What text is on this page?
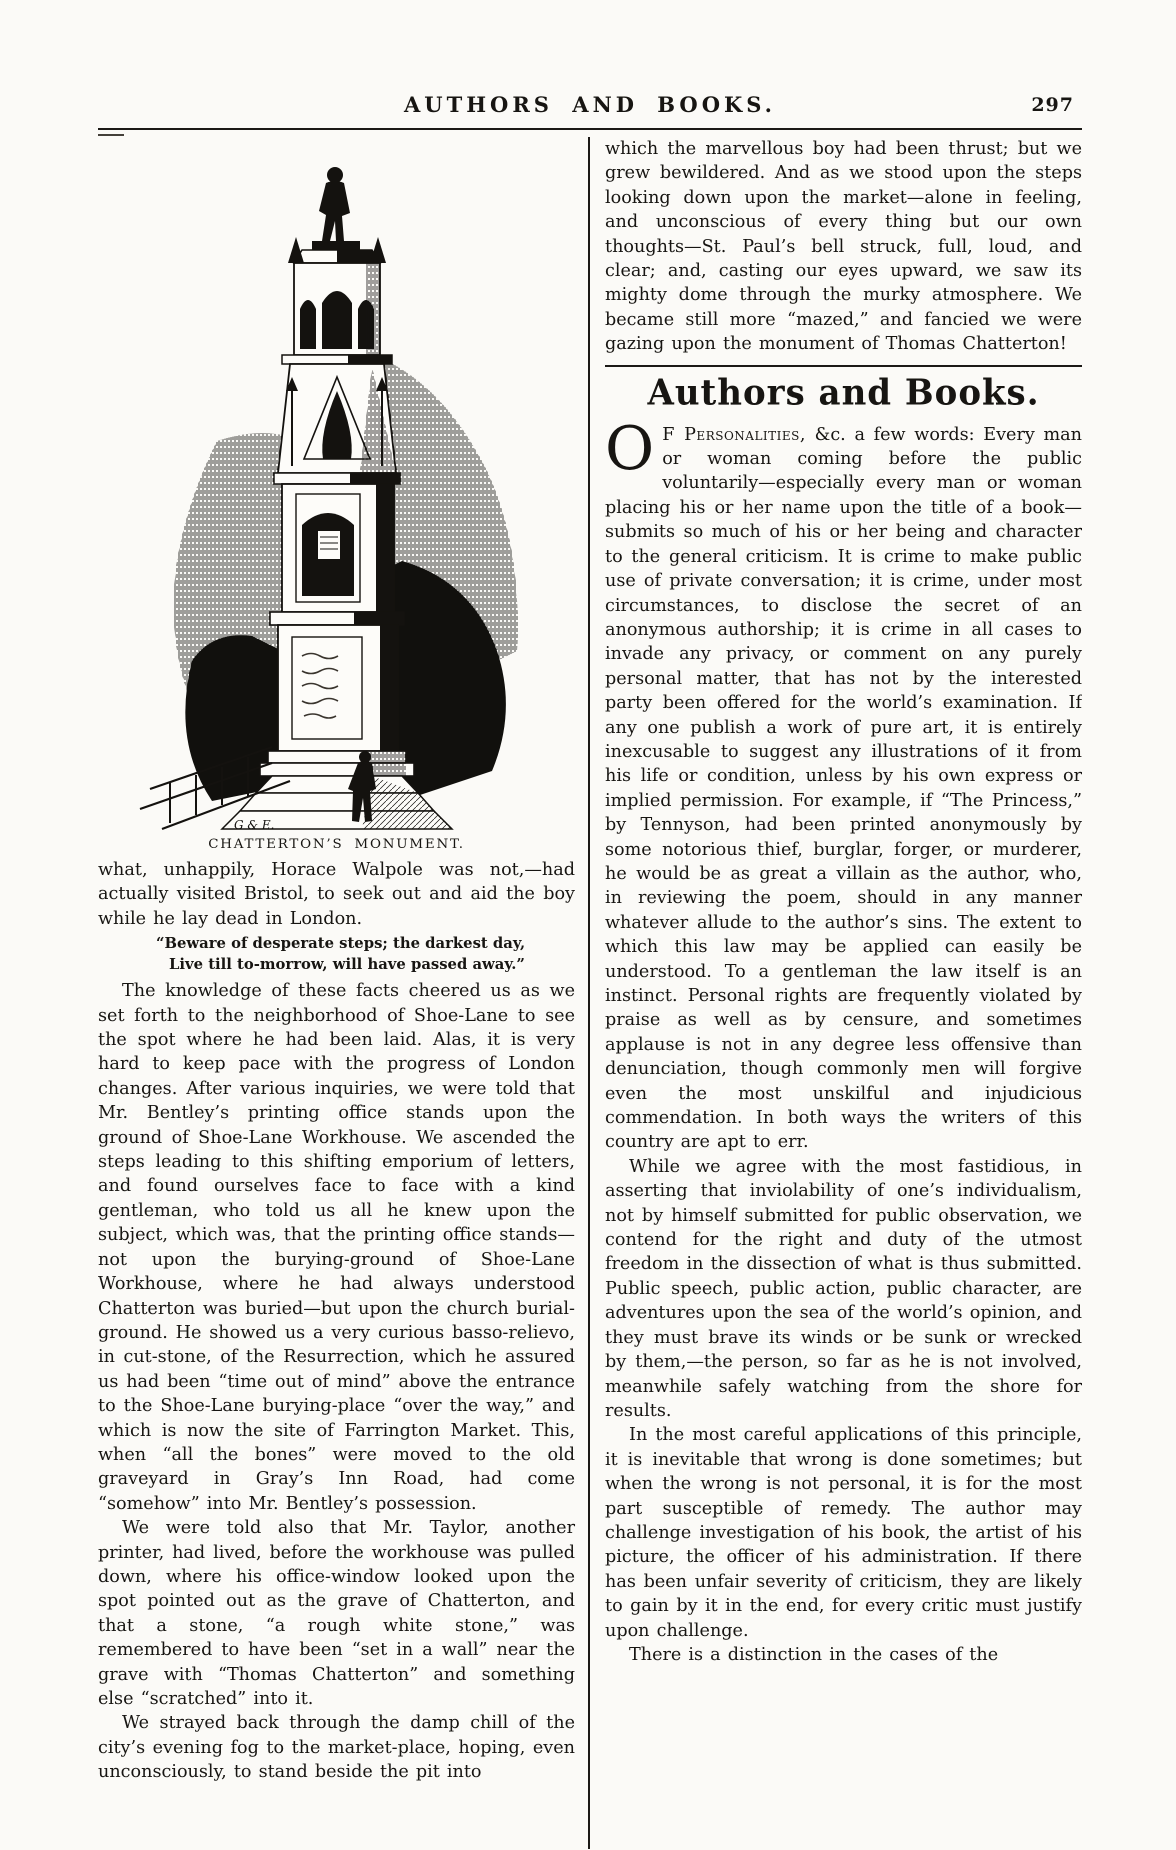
AUTHORS AND BOOKS.	297
G & E.
CHATTERTON’S MONUMENT.

what, unhappily, Horace Walpole was not,—had actually visited Bristol, to seek out and aid the boy while he lay dead in London.

“Beware of desperate steps; the darkest day,
Live till to-morrow, will have passed away.”

The knowledge of these facts cheered us as we set forth to the neighborhood of Shoe-Lane to see the spot where he had been laid. Alas, it is very hard to keep pace with the progress of London changes. After various inquiries, we were told that Mr. Bentley’s printing office stands upon the ground of Shoe-Lane Workhouse. We ascended the steps leading to this shifting emporium of letters, and found ourselves face to face with a kind gentleman, who told us all he knew upon the subject, which was, that the printing office stands—not upon the burying-ground of Shoe-Lane Workhouse, where he had always understood Chatterton was buried—but upon the church burial-ground. He showed us a very curious basso-relievo, in cut-stone, of the Resurrection, which he assured us had been “time out of mind” above the entrance to the Shoe-Lane burying-place “over the way,” and which is now the site of Farrington Market. This, when “all the bones” were moved to the old graveyard in Gray’s Inn Road, had come “somehow” into Mr. Bentley’s possession.

We were told also that Mr. Taylor, another printer, had lived, before the workhouse was pulled down, where his office-window looked upon the spot pointed out as the grave of Chatterton, and that a stone, “a rough white stone,” was remembered to have been “set in a wall” near the grave with “Thomas Chatterton” and something else “scratched” into it.

We strayed back through the damp chill of the city’s evening fog to the market-place, hoping, even unconsciously, to stand beside the pit into

which the marvellous boy had been thrust; but we grew bewildered. And as we stood upon the steps looking down upon the market—alone in feeling, and unconscious of every thing but our own thoughts—St. Paul’s bell struck, full, loud, and clear; and, casting our eyes upward, we saw its mighty dome through the murky atmosphere. We became still more “mazed,” and fancied we were gazing upon the monument of Thomas Chatterton!

Authors and Books.

O F Personalities, &c. a few words: Every man or woman coming before the public voluntarily—especially every man or woman placing his or her name upon the title of a book—submits so much of his or her being and character to the general criticism. It is crime to make public use of private conversation; it is crime, under most circumstances, to disclose the secret of an anonymous authorship; it is crime in all cases to invade any privacy, or comment on any purely personal matter, that has not by the interested party been offered for the world’s examination. If any one publish a work of pure art, it is entirely inexcusable to suggest any illustrations of it from his life or condition, unless by his own express or implied permission. For example, if “The Princess,” by Tennyson, had been printed anonymously by some notorious thief, burglar, forger, or murderer, he would be as great a villain as the author, who, in reviewing the poem, should in any manner whatever allude to the author’s sins. The extent to which this law may be applied can easily be understood. To a gentleman the law itself is an instinct. Personal rights are frequently violated by praise as well as by censure, and sometimes applause is not in any degree less offensive than denunciation, though commonly men will forgive even the most unskilful and injudicious commendation. In both ways the writers of this country are apt to err.

While we agree with the most fastidious, in asserting that inviolability of one’s individualism, not by himself submitted for public observation, we contend for the right and duty of the utmost freedom in the dissection of what is thus submitted. Public speech, public action, public character, are adventures upon the sea of the world’s opinion, and they must brave its winds or be sunk or wrecked by them,—the person, so far as he is not involved, meanwhile safely watching from the shore for results.

In the most careful applications of this principle, it is inevitable that wrong is done sometimes; but when the wrong is not personal, it is for the most part susceptible of remedy. The author may challenge investigation of his book, the artist of his picture, the officer of his administration. If there has been unfair severity of criticism, they are likely to gain by it in the end, for every critic must justify upon challenge.

There is a distinction in the cases of the
